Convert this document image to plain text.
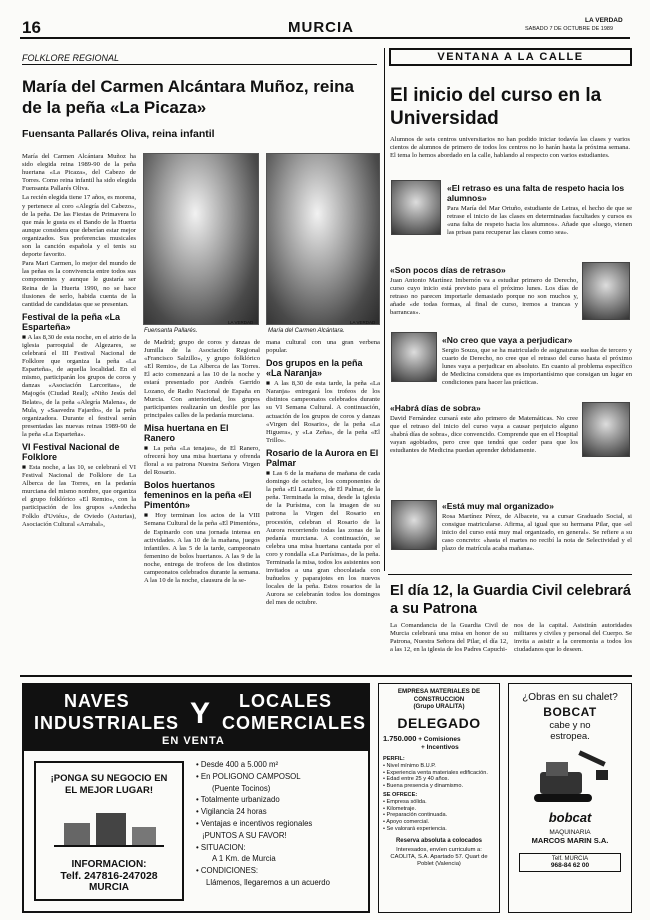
16	MURCIA	LA VERDAD
SABADO 7 DE OCTUBRE DE 1989
FOLKLORE REGIONAL
María del Carmen Alcántara Muñoz, reina de la peña «La Picaza»
Fuensanta Pallarés Oliva, reina infantil

María del Carmen Alcántara Muñoz ha sido elegida reina 1989-90 de la peña huertana «La Picaza», del Cabezo de Torres. Como reina infantil ha sido elegida Fuensanta Pallarés Oliva.

La recién elegida tiene 17 años, es morena, y pertenece al coro «Alegría del Cabezo», de la peña. De las Fiestas de Primavera lo que más le gusta es el Bando de la Huerta aunque considera que deberían estar mejor organizados. Sus preferencias musicales son la canción española y el tenis su deporte favorito.

Para Mari Carmen, lo mejor del mundo de las peñas es la convivencia entre todos sus componentes y aunque le gustaría ser Reina de la Huerta 1990, no se hace ilusiones de serlo, habida cuenta de la cantidad de candidatas que se presentan.

Festival de la peña «La Esparteña»

■ A las 8,30 de esta noche, en el atrio de la iglesia parroquial de Algezares, se celebrará el III Festival Nacional de Folklore que organiza la peña «La Esparteña», de aquella localidad. En el mismo, participarán los grupos de coros y danzas «Asociación Larcoritas», de Majogós (Ciudad Real); «Niño Jesús del Belate», de la peña «Alegría Malena», de Mula, y «Saavedra Fajardo», de la peña organizadora. Durante el festival serán presentadas las nuevas reinas 1989-90 de la peña «La Esparteña».

VI Festival Nacional de Folklore

■ Esta noche, a las 10, se celebrará el VI Festival Nacional de Folklore de La Alberca de las Torres, en la pedanía murciana del mismo nombre, que organiza el grupo folklórico «El Remio», con la participación de los grupos «Andecha Folklo d'Uviéu», de Oviedo (Asturias), Asociación Cultural «Arrabal»,

Fuensanta Pallarés.
LA VERDAD
María del Carmen Alcántara.
LA VERDAD

de Madrid; grupo de coros y danzas de Jumilla de la Asociación Regional «Francisco Salzillo», y grupo folklórico «El Remio», de La Alberca de las Torres. El acto comenzará a las 10 de la noche y estará presentado por Andrés Garrido Lozano, de Radio Nacional de España en Murcia. Con anterioridad, los grupos participantes realizarán un desfile por las principales calles de la pedanía murciana.

Misa huertana en El Ranero

■ La peña «La tenajas», de El Ranero, ofrecerá hoy una misa huertana y ofrenda floral a su patrona Nuestra Señora Virgen del Rosario.

Bolos huertanos femeninos en la peña «El Pimentón»

■ Hoy terminan los actos de la VIII Semana Cultural de la peña «El Pimentón», de Espinardo con una jornada intensa en actividades. A las 10 de la mañana, juegos infantiles. A las 5 de la tarde, campeonato femenino de bolos huertanos. A las 9 de la noche, entrega de trofeos de los distintos campeonatos celebrados durante la semana. A las 10 de la noche, clausura de la se-

mana cultural con una gran verbena popular.

Dos grupos en la peña «La Naranja»

■ A las 8,30 de esta tarde, la peña «La Naranja» entregará los trofeos de los distintos campeonatos celebrados durante su VI Semana Cultural. A continuación, actuación de los grupos de coros y danzas «Virgen del Rosario», de la peña «La Higuera», y «La Zeña», de la peña «El Trillo».

Rosario de la Aurora en El Palmar

■ Las 6 de la mañana de mañana de cada domingo de octubre, los componentes de la peña «El Lazarico», de El Palmar, de la peña. Terminada la misa, desde la iglesia de la Purísima, con la imagen de su patrona la Virgen del Rosario en procesión, celebran el Rosario de la Aurora recorriendo todas las zonas de la pedanía murciana. A continuación, se celebra una misa huertana cantada por el coro y rondalla «La Purísima», de la peña. Terminada la misa, todos los asistentes son invitados a una gran chocolatada con buñuelos y paparajotes en los nuevos locales de la peña. Estos rosarios de la Aurora se celebrarán todos los domingos del mes de octubre.

VENTANA A LA CALLE
El inicio del curso en la Universidad

Alumnos de seis centros universitarios no han podido iniciar todavía las clases y varios cientos de alumnos de primero de todos los centros no lo harán hasta la próxima semana. El tema lo hemos abordado en la calle, hablando al respecto con varios estudiantes.

«El retraso es una falta de respeto hacia los alumnos»

Para María del Mar Ortuño, estudiante de Letras, el hecho de que se retrase el inicio de las clases en determinadas facultades y cursos es «una falta de respeto hacia los alumnos». Añade que «luego, vienen las prisas para recuperar las clases como sea».

«Son pocos días de retraso»

Juan Antonio Martínez Imbernón va a estudiar primero de Derecho, curso cuyo inicio está previsto para el próximo lunes. Los días de retraso no parecen importarle demasiado porque no son muchos y, añade «de todas formas, al final de curso, iremos a trancas y barrancas».

«No creo que vaya a perjudicar»

Sergio Souza, que se ha matriculado de asignaturas sueltas de tercero y cuarto de Derecho, no cree que el retraso del curso hasta el próximo lunes vaya a perjudicar en absoluto. En cuanto al problema específico de Medicina considera que es importantísimo que consigan un lugar en condiciones para hacer las prácticas.

«Habrá días de sobra»

David Fernández cursará este año primero de Matemáticas. No cree que el retraso del inicio del curso vaya a causar perjuicio alguno «habrá días de sobra», dice convencido. Comprende que en el Hospital vayan agobiados, pero cree que tendrá que ceder para que los estudiantes de Medicina puedan aprender debidamente.

«Está muy mal organizado»

Rosa Martínez Pérez, de Albacete, va a cursar Graduado Social, si consigue matricularse. Afirma, al igual que su hermana Pilar, que «el inicio del curso está muy mal organizado, en general». Se refiere a su caso concreto: «hasta el martes no recibí la nota de Selectividad y el plazo de matrícula acaba mañana».

El día 12, la Guardia Civil celebrará a su Patrona

La Comandancia de la Guardia Civil de Murcia celebrará una misa en honor de su Patrona, Nuestra Señora del Pilar, el día 12, a las 12, en la iglesia de los Padres Capuchi-

nos de la capital. Asistirán autoridades militares y civiles y personal del Cuerpo. Se invita a asistir a la ceremonia a todos los ciudadanos que lo deseen.

NAVES	LOCALES
INDUSTRIALES Y COMERCIALES
EN VENTA
¡PONGA SU NEGOCIO EN EL MEJOR LUGAR!
INFORMACION:
Telf. 247816-247028
MURCIA
• Desde 400 a 5.000 m²
• En POLIGONO CAMPOSOL
(Puente Tocinos)
• Totalmente urbanizado
• Vigilancia 24 horas
• Ventajas e incentivos regionales
¡PUNTOS A SU FAVOR!
• SITUACION:
A 1 Km. de Murcia
• CONDICIONES:
Llámenos, llegaremos a un acuerdo
EMPRESA MATERIALES DE CONSTRUCCION
(Grupo URALITA)
DELEGADO
1.750.000 + Comisiones
+ Incentivos
PERFIL:
• Nivel mínimo B.U.P.
• Experiencia venta materiales edificación.
• Edad entre 25 y 40 años.
• Buena presencia y dinamismo.
SE OFRECE:
• Empresa sólida.
• Kilometraje.
• Preparación continuada.
• Apoyo comercial.
• Se valorará experiencia.
Reserva absoluta a colocados
Interesados, envíen curriculum a: CAOLITA, S.A. Apartado 57. Quart de Poblet (Valencia)
¿Obras en su chalet?
BOBCAT
cabe y no
estropea.
bobcat
MAQUINARIA
MARCOS MARIN S.A.
Telf. MURCIA
968-84 62 00
